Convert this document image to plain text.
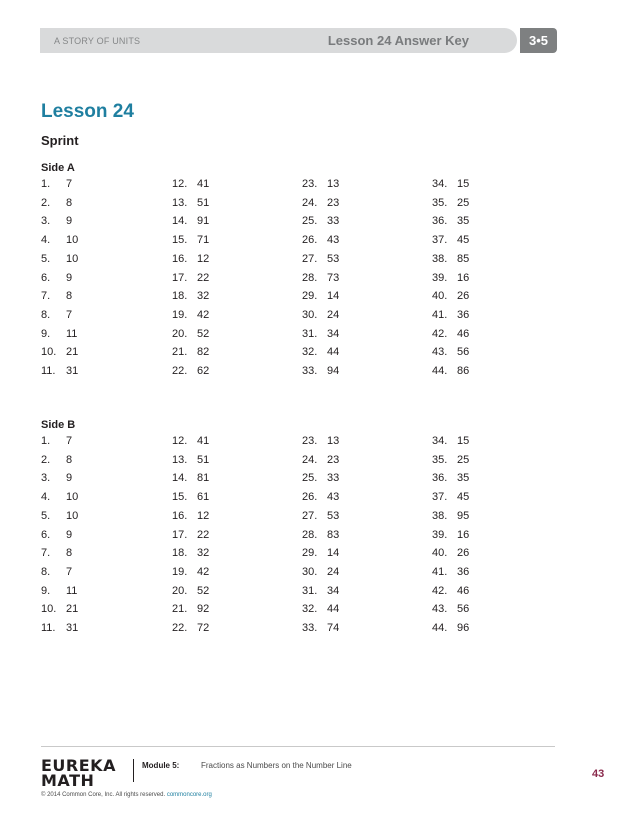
A STORY OF UNITS	Lesson 24 Answer Key	3•5
Lesson 24
Sprint
Side A
1.	7
2.	8
3.	9
4.	10
5.	10
6.	9
7.	8
8.	7
9.	11
10. 21
11. 31
12. 41
13. 51
14. 91
15. 71
16. 12
17. 22
18. 32
19. 42
20. 52
21. 82
22. 62
23. 13
24. 23
25. 33
26. 43
27. 53
28. 73
29. 14
30. 24
31. 34
32. 44
33. 94
34. 15
35. 25
36. 35
37. 45
38. 85
39. 16
40. 26
41. 36
42. 46
43. 56
44. 86
Side B
1.	7
2.	8
3.	9
4.	10
5.	10
6.	9
7.	8
8.	7
9.	11
10. 21
11. 31
12. 41
13. 51
14. 81
15. 61
16. 12
17. 22
18. 32
19. 42
20. 52
21. 92
22. 72
23. 13
24. 23
25. 33
26. 43
27. 53
28. 83
29. 14
30. 24
31. 34
32. 44
33. 74
34. 15
35. 25
36. 35
37. 45
38. 95
39. 16
40. 26
41. 36
42. 46
43. 56
44. 96
EUREKA
MATH
Module 5:	Fractions as Numbers on the Number Line
43
© 2014 Common Core, Inc. All rights reserved. commoncore.org
